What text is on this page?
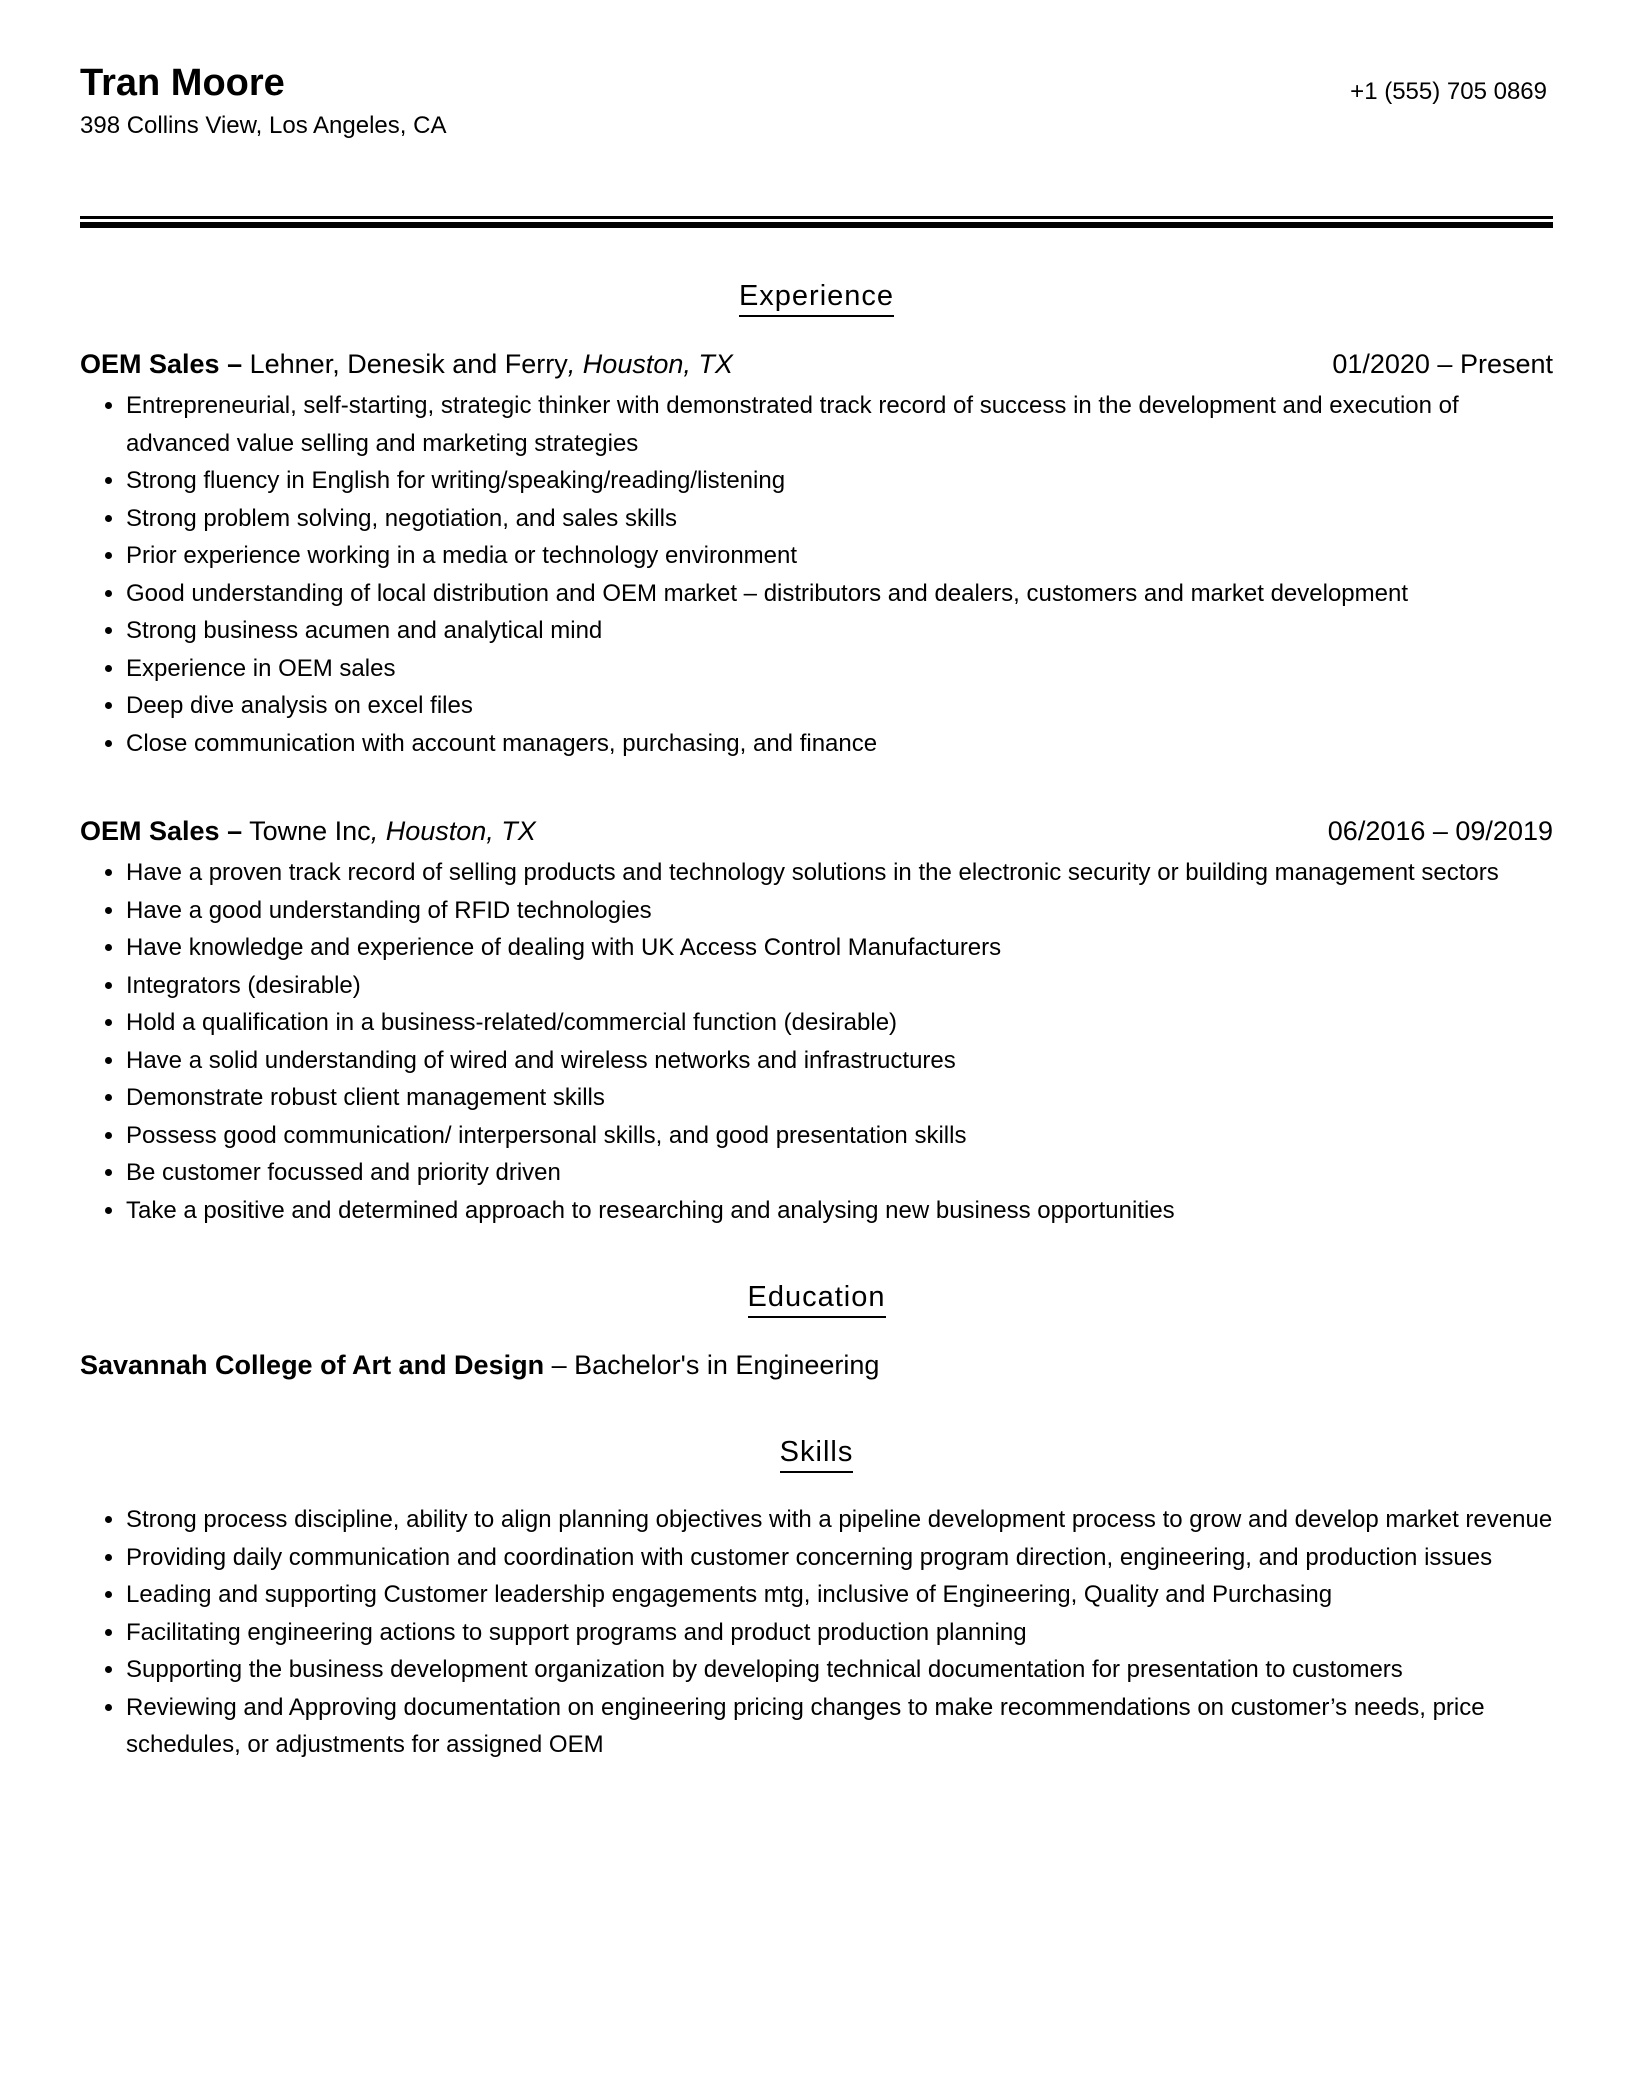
Tran Moore
398 Collins View, Los Angeles, CA
+1 (555) 705 0869
Experience
OEM Sales – Lehner, Denesik and Ferry, Houston, TX	01/2020 – Present
• Entrepreneurial, self-starting, strategic thinker with demonstrated track record of success in the development and execution of advanced value selling and marketing strategies
• Strong fluency in English for writing/speaking/reading/listening
• Strong problem solving, negotiation, and sales skills
• Prior experience working in a media or technology environment
• Good understanding of local distribution and OEM market – distributors and dealers, customers and market development
• Strong business acumen and analytical mind
• Experience in OEM sales
• Deep dive analysis on excel files
• Close communication with account managers, purchasing, and finance
OEM Sales – Towne Inc, Houston, TX	06/2016 – 09/2019
• Have a proven track record of selling products and technology solutions in the electronic security or building management sectors
• Have a good understanding of RFID technologies
• Have knowledge and experience of dealing with UK Access Control Manufacturers
• Integrators (desirable)
• Hold a qualification in a business-related/commercial function (desirable)
• Have a solid understanding of wired and wireless networks and infrastructures
• Demonstrate robust client management skills
• Possess good communication/ interpersonal skills, and good presentation skills
• Be customer focussed and priority driven
• Take a positive and determined approach to researching and analysing new business opportunities
Education
Savannah College of Art and Design – Bachelor's in Engineering
Skills
• Strong process discipline, ability to align planning objectives with a pipeline development process to grow and develop market revenue
• Providing daily communication and coordination with customer concerning program direction, engineering, and production issues
• Leading and supporting Customer leadership engagements mtg, inclusive of Engineering, Quality and Purchasing
• Facilitating engineering actions to support programs and product production planning
• Supporting the business development organization by developing technical documentation for presentation to customers
• Reviewing and Approving documentation on engineering pricing changes to make recommendations on customer’s needs, price schedules, or adjustments for assigned OEM
